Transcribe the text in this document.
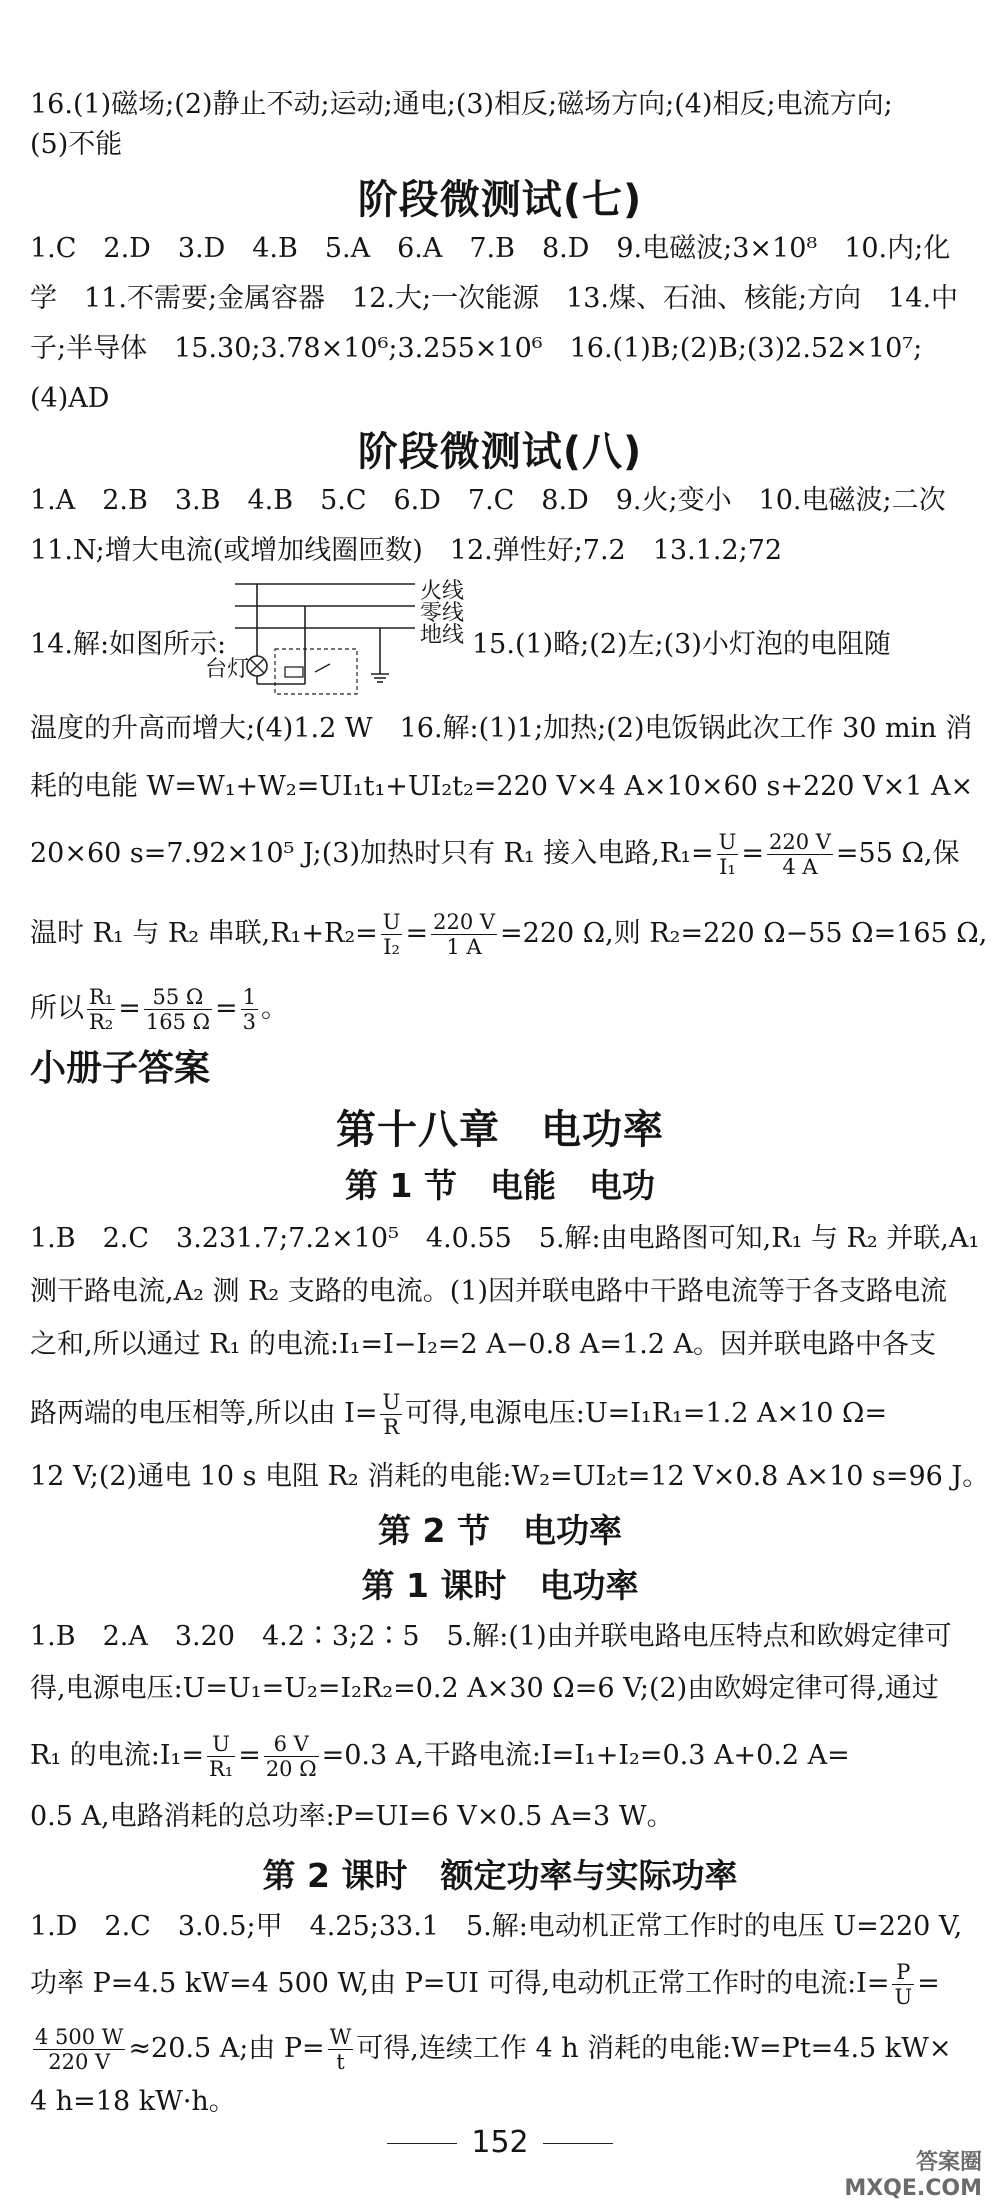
16.(1)磁场;(2)静止不动;运动;通电;(3)相反;磁场方向;(4)相反;电流方向;
(5)不能
阶段微测试(七)
1.C　2.D　3.D　4.B　5.A　6.A　7.B　8.D　9.电磁波;3×10⁸　10.内;化
学　11.不需要;金属容器　12.大;一次能源　13.煤、石油、核能;方向　14.中
子;半导体　15.30;3.78×10⁶;3.255×10⁶　16.(1)B;(2)B;(3)2.52×10⁷;
(4)AD
阶段微测试(八)
1.A　2.B　3.B　4.B　5.C　6.D　7.C　8.D　9.火;变小　10.电磁波;二次
11.N;增大电流(或增加线圈匝数)　12.弹性好;7.2　13.1.2;72
火线
零线
地线
台灯
14.解:如图所示:	15.(1)略;(2)左;(3)小灯泡的电阻随
温度的升高而增大;(4)1.2 W　16.解:(1)1;加热;(2)电饭锅此次工作 30 min 消
耗的电能 W=W₁+W₂=UI₁t₁+UI₂t₂=220 V×4 A×10×60 s+220 V×1 A×
20×60 s=7.92×10⁵ J;(3)加热时只有 R₁ 接入电路$,R_1= \frac{U}{\text{I₁}} = \frac{220 V}{4 A} =55$ Ω,保
温时 R₁ 与 R₂ 串联$,R_1+R_2= \frac{U}{\text{I₂}} = \frac{220 V}{1 A} =220$ Ω,则 R₂=220 Ω−55 Ω=165 Ω,
所以 $\frac{\text{R₁}}{\text{R₂}} = \frac{55 \Omega}{165 \Omega} = \frac{1}{3}$ 。
小册子答案
第十八章　电功率
第 1 节　电能　电功
1.B　2.C　3.231.7;7.2×10⁵　4.0.55　5.解:由电路图可知,R₁ 与 R₂ 并联,A₁
测干路电流,A₂ 测 R₂ 支路的电流。(1)因并联电路中干路电流等于各支路电流
之和,所以通过 R₁ 的电流:I₁=I−I₂=2 A−0.8 A=1.2 A。因并联电路中各支
路两端的电压相等,所以由 $I= \frac{U}{R}$ 可得,电源电压:U=I₁R₁=1.2 A×10 Ω=
12 V;(2)通电 10 s 电阻 R₂ 消耗的电能:W₂=UI₂t=12 V×0.8 A×10 s=96 J。
第 2 节　电功率
第 1 课时　电功率
1.B　2.A　3.20　4.2∶3;2∶5　5.解:(1)由并联电路电压特点和欧姆定律可
得,电源电压:U=U₁=U₂=I₂R₂=0.2 A×30 Ω=6 V;(2)由欧姆定律可得,通过
R₁ 的电流:I₁= $\frac{U}{\text{R₁}} = \frac{6 V}{20 \Omega} =0.3$ A,干路电流:I=I₁+I₂=0.3 A+0.2 A=
0.5 A,电路消耗的总功率:P=UI=6 V×0.5 A=3 W。
第 2 课时　额定功率与实际功率
1.D　2.C　3.0.5;甲　4.25;33.1　5.解:电动机正常工作时的电压 U=220 V,
功率 P=4.5 kW=4 500 W,由 P=UI 可得,电动机正常工作时的电流:I= $\frac{P}{U}$ =
$\frac{4 500 W}{220 V} \approx 20.5$ A;由 $P= \frac{W}{t}$ 可得,连续工作 4 h 消耗的电能:W=Pt=4.5 kW×
4 h=18 kW·h。
152
答案圈
MXQE.COM
